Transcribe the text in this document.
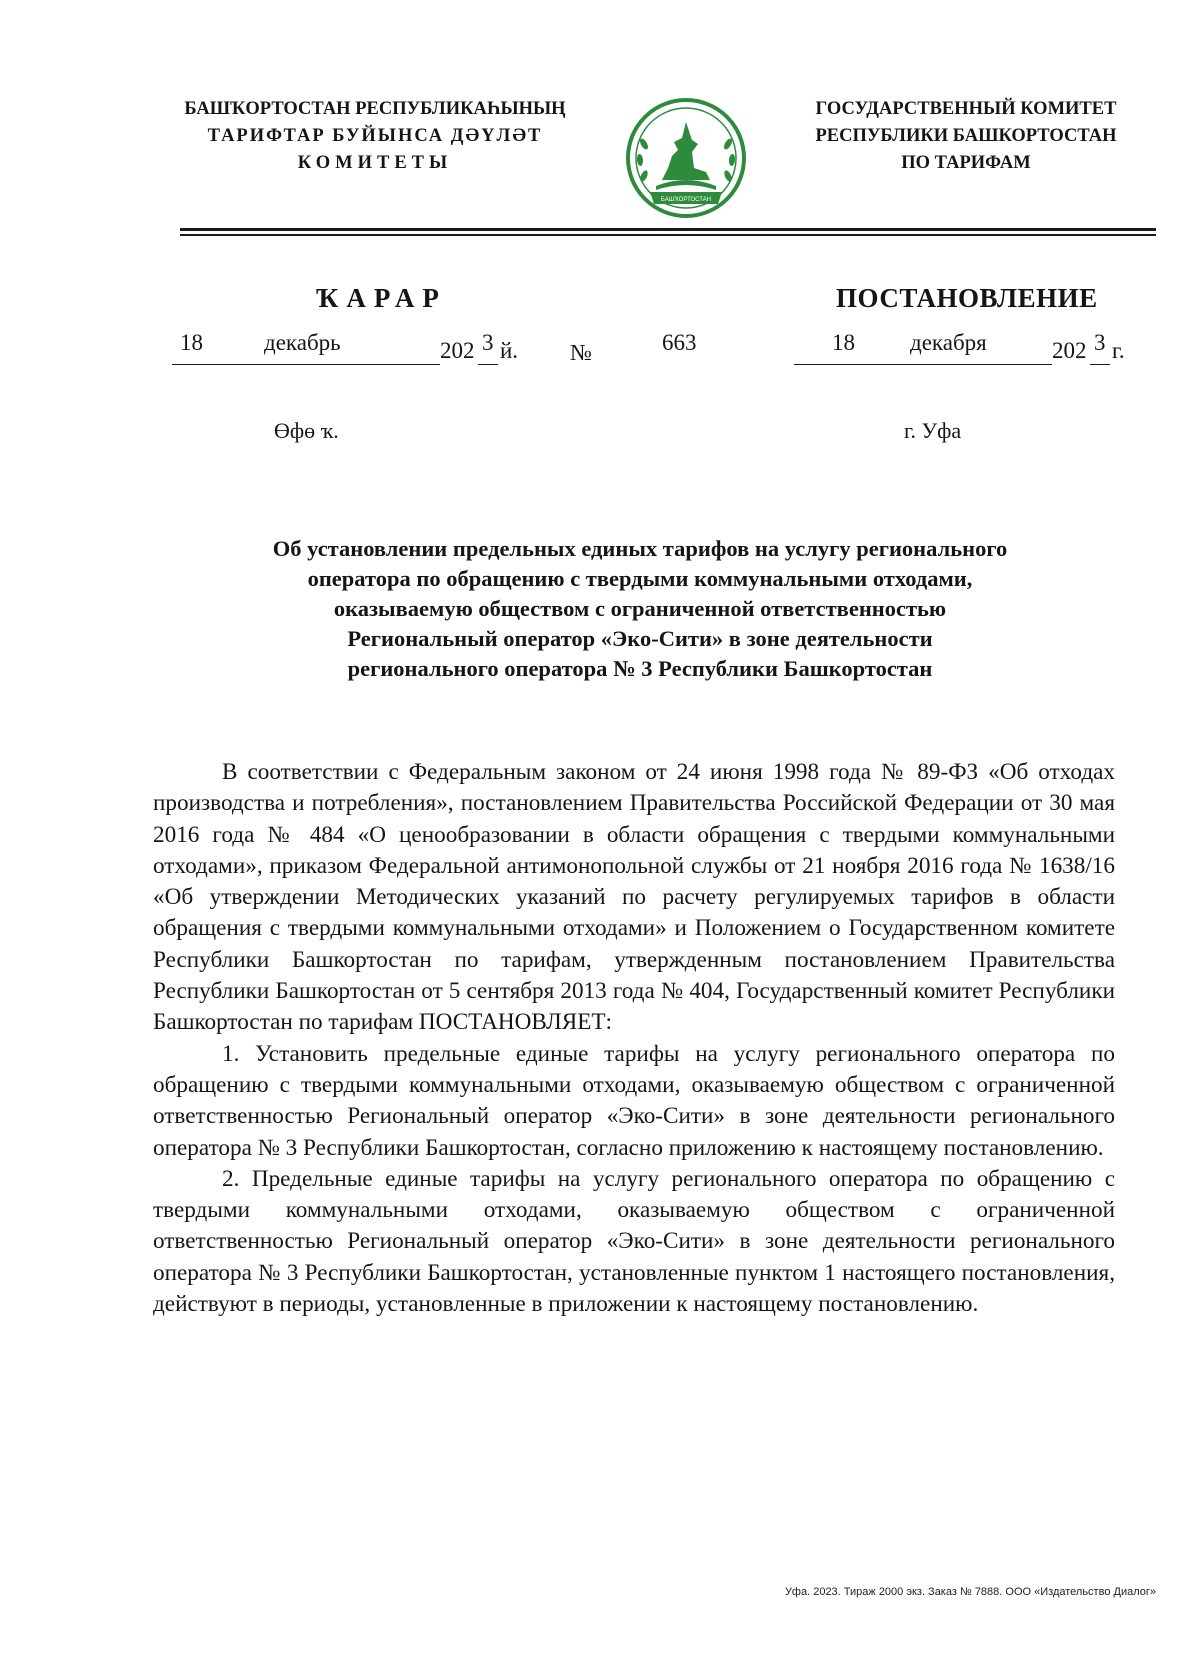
БАШҠОРТОСТАН РЕСПУБЛИКАҺЫНЫҢ
ТАРИФТАР БУЙЫНСА ДӘҮЛӘТ
КОМИТЕТЫ
БАШҠОРТОСТАН
ГОСУДАРСТВЕННЫЙ КОМИТЕТ
РЕСПУБЛИКИ БАШКОРТОСТАН
ПО ТАРИФАМ
ҠАРАР	ПОСТАНОВЛЕНИЕ
18	декабрь	202 3 й. №	663	18 декабря	202 3 г.
Өфө ҡ.	г. Уфа
Об установлении предельных единых тарифов на услугу регионального
оператора по обращению с твердыми коммунальными отходами,
оказываемую обществом с ограниченной ответственностью
Региональный оператор «Эко-Сити» в зоне деятельности
регионального оператора № 3 Республики Башкортостан

В соответствии с Федеральным законом от 24 июня 1998 года № 89-ФЗ «Об отходах производства и потребления», постановлением Правительства Российской Федерации от 30 мая 2016 года № 484 «О ценообразовании в области обращения с твердыми коммунальными отходами», приказом Федеральной антимонопольной службы от 21 ноября 2016 года № 1638/16 «Об утверждении Методических указаний по расчету регулируемых тарифов в области обращения с твердыми коммунальными отходами» и Положением о Государственном комитете Республики Башкортостан по тарифам, утвержденным постановлением Правительства Республики Башкортостан от 5 сентября 2013 года № 404, Государственный комитет Республики Башкортостан по тарифам ПОСТАНОВЛЯЕТ:

1. Установить предельные единые тарифы на услугу регионального оператора по обращению с твердыми коммунальными отходами, оказываемую обществом с ограниченной ответственностью Региональный оператор «Эко-Сити» в зоне деятельности регионального оператора № 3 Республики Башкортостан, согласно приложению к настоящему постановлению.

2. Предельные единые тарифы на услугу регионального оператора по обращению с твердыми коммунальными отходами, оказываемую обществом с ограниченной ответственностью Региональный оператор «Эко-Сити» в зоне деятельности регионального оператора № 3 Республики Башкортостан, установленные пунктом 1 настоящего постановления, действуют в периоды, установленные в приложении к настоящему постановлению.

Уфа. 2023. Тираж 2000 экз. Заказ № 7888. ООО «Издательство Диалог»
